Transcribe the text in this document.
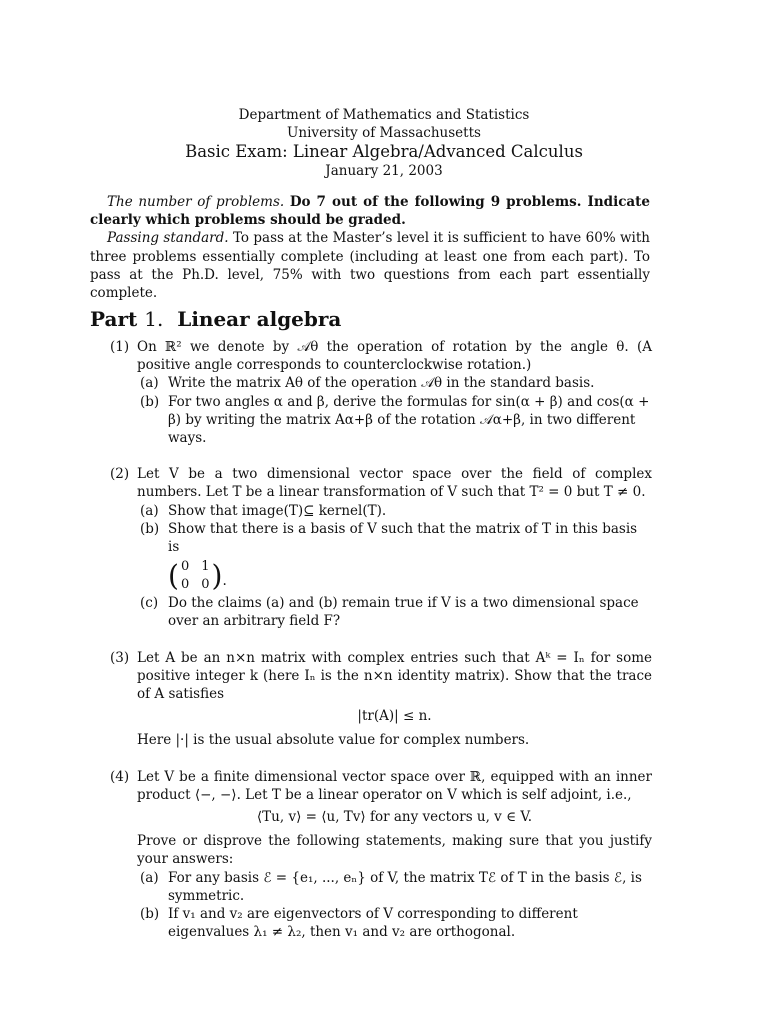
Department of Mathematics and Statistics
University of Massachusetts
Basic Exam: Linear Algebra/Advanced Calculus
January 21, 2003

The number of problems. Do 7 out of the following 9 problems. Indicate clearly which problems should be graded.

Passing standard. To pass at the Master’s level it is sufficient to have 60% with three problems essentially complete (including at least one from each part). To pass at the Ph.D. level, 75% with two questions from each part essentially complete.

Part 1. Linear algebra
(1) On ℝ² we denote by 𝒜θ the operation of rotation by the angle θ. (A positive angle corresponds to counterclockwise rotation.)
(a) Write the matrix Aθ of the operation 𝒜θ in the standard basis.
(b) For two angles α and β, derive the formulas for sin(α + β) and cos(α + β) by writing the matrix Aα+β of the rotation 𝒜α+β, in two different ways.
(2) Let V be a two dimensional vector space over the field of complex numbers. Let T be a linear transformation of V such that T² = 0 but T ≠ 0.
(a) Show that image(T)⊆ kernel(T).
(b) Show that there is a basis of V such that the matrix of T in this basis is
( 0 1
0 0 ) .
(c) Do the claims (a) and (b) remain true if V is a two dimensional space over an arbitrary field F?
(3) Let A be an n×n matrix with complex entries such that Aᵏ = Iₙ for some positive integer k (here Iₙ is the n×n identity matrix). Show that the trace of A satisfies
|tr(A)| ≤ n.
Here |·| is the usual absolute value for complex numbers.
(4) Let V be a finite dimensional vector space over ℝ, equipped with an inner product ⟨−, −⟩. Let T be a linear operator on V which is self adjoint, i.e.,
⟨Tu, v⟩ = ⟨u, Tv⟩ for any vectors u, v ∈ V.
Prove or disprove the following statements, making sure that you justify your answers:
(a) For any basis ℰ = {e₁, ..., eₙ} of V, the matrix Tℰ of T in the basis ℰ, is symmetric.
(b) If v₁ and v₂ are eigenvectors of V corresponding to different eigenvalues λ₁ ≠ λ₂, then v₁ and v₂ are orthogonal.
